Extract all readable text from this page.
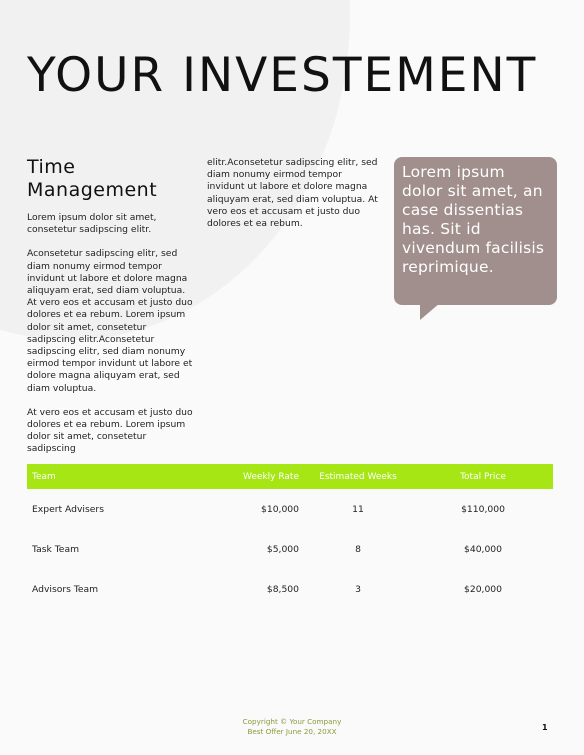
YOUR INVESTEMENT
Time Management

Lorem ipsum dolor sit amet, consetetur sadipscing elitr.

Aconsetetur sadipscing elitr, sed diam nonumy eirmod tempor invidunt ut labore et dolore magna aliquyam erat, sed diam voluptua. At vero eos et accusam et justo duo dolores et ea rebum. Lorem ipsum dolor sit amet, consetetur sadipscing elitr.Aconsetetur sadipscing elitr, sed diam nonumy eirmod tempor invidunt ut labore et dolore magna aliquyam erat, sed diam voluptua.

At vero eos et accusam et justo duo dolores et ea rebum. Lorem ipsum dolor sit amet, consetetur sadipscing

elitr.Aconsetetur sadipscing elitr, sed diam nonumy eirmod tempor invidunt ut labore et dolore magna aliquyam erat, sed diam voluptua. At vero eos et accusam et justo duo dolores et ea rebum.

Lorem ipsum dolor sit amet, an case dissentias has. Sit id vivendum facilisis reprimique.
Team	Weekly Rate	Estimated Weeks	Total Price
Expert Advisers	$10,000	11	$110,000
Task Team	$5,000	8	$40,000
Advisors Team	$8,500	3	$20,000
Copyright © Your Company
Best Offer June 20, 20XX	1
